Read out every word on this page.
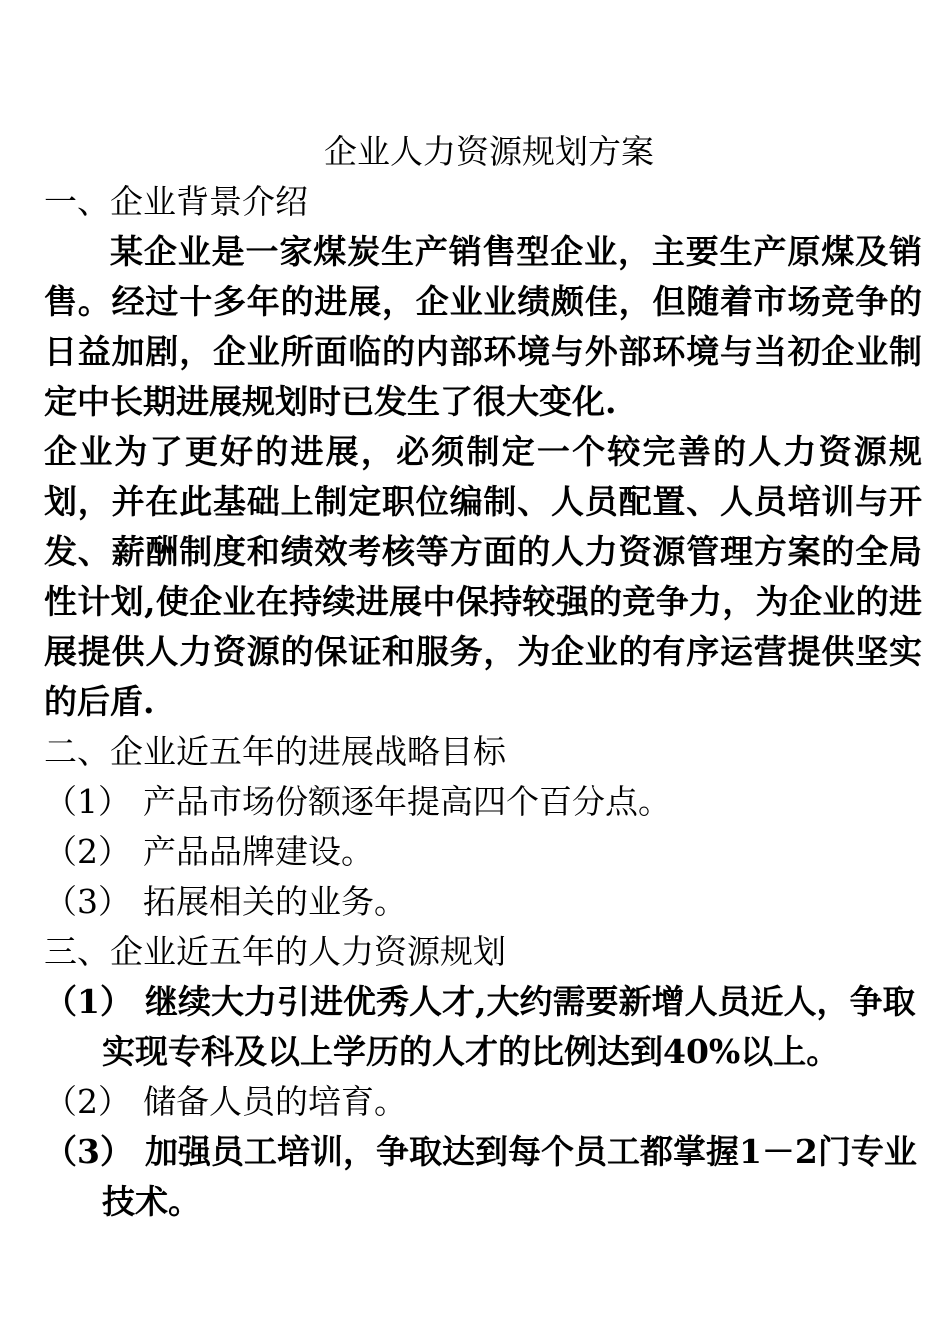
企业人力资源规划方案
一、企业背景介绍

某企业是一家煤炭生产销售型企业，主要生产原煤及销售。经过十多年的进展，企业业绩颇佳，但随着市场竞争的日益加剧，企业所面临的内部环境与外部环境与当初企业制定中长期进展规划时已发生了很大变化.

企业为了更好的进展，必须制定一个较完善的人力资源规划，并在此基础上制定职位编制、人员配置、人员培训与开发、薪酬制度和绩效考核等方面的人力资源管理方案的全局性计划,使企业在持续进展中保持较强的竞争力，为企业的进展提供人力资源的保证和服务，为企业的有序运营提供坚实的后盾.

二、企业近五年的进展战略目标
（1） 产品市场份额逐年提高四个百分点。
（2） 产品品牌建设。
（3） 拓展相关的业务。
三、企业近五年的人力资源规划
（1） 继续大力引进优秀人才,大约需要新增人员近人，争取实现专科及以上学历的人才的比例达到40%以上。
（2） 储备人员的培育。
（3） 加强员工培训，争取达到每个员工都掌握1－2门专业技术。
